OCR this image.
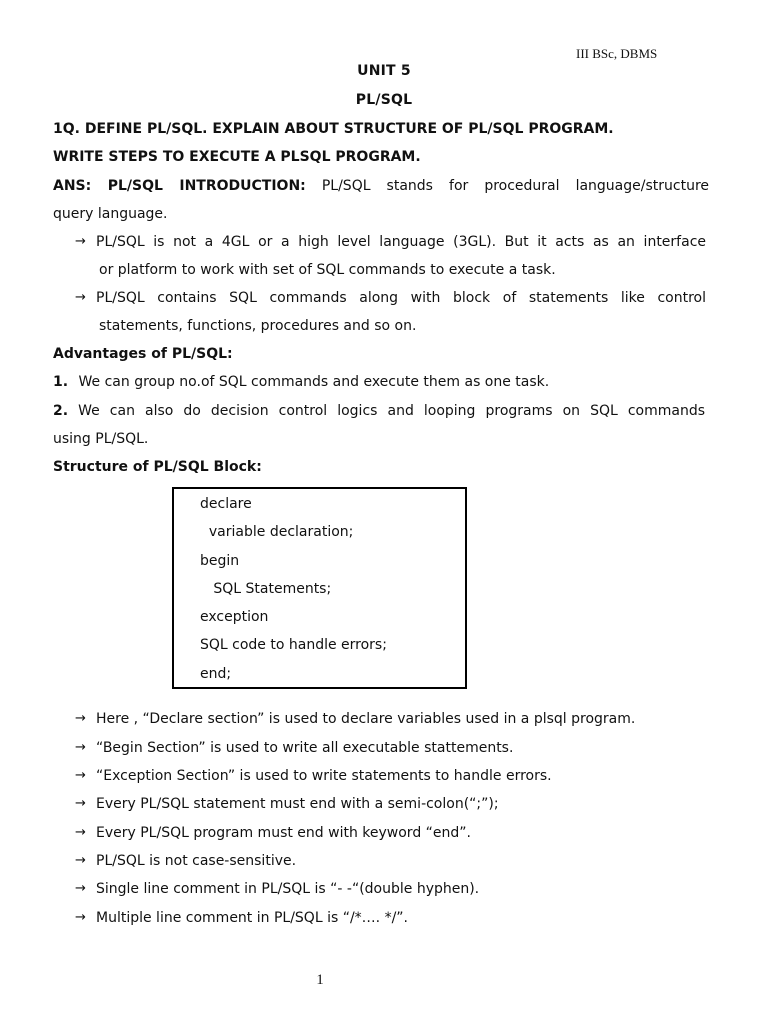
III BSc, DBMS
UNIT 5
PL/SQL
1Q. DEFINE PL/SQL. EXPLAIN ABOUT STRUCTURE OF PL/SQL PROGRAM.
WRITE STEPS TO EXECUTE A PLSQL PROGRAM.
ANS: PL/SQL INTRODUCTION: PL/SQL stands for procedural language/structure
query language.
→ PL/SQL is not a 4GL or a high level language (3GL). But it acts as an interface
or platform to work with set of SQL commands to execute a task.
→ PL/SQL contains SQL commands along with block of statements like control
statements, functions, procedures and so on.
Advantages of PL/SQL:
1. We can group no.of SQL commands and execute them as one task.
2. We can also do decision control logics and looping programs on SQL commands
using PL/SQL.
Structure of PL/SQL Block:
declare
variable declaration;
begin
SQL Statements;
exception
SQL code to handle errors;
end;
→ Here , “Declare section” is used to declare variables used in a plsql program.
→ “Begin Section” is used to write all executable stattements.
→ “Exception Section” is used to write statements to handle errors.
→ Every PL/SQL statement must end with a semi-colon(“;”);
→ Every PL/SQL program must end with keyword “end”.
→ PL/SQL is not case-sensitive.
→ Single line comment in PL/SQL is “- -“(double hyphen).
→ Multiple line comment in PL/SQL is “/*…. */”.
1
